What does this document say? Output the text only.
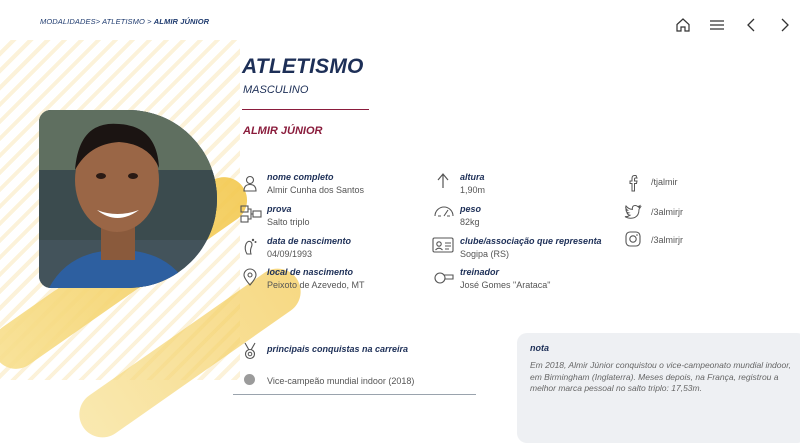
MODALIDADES> ATLETISMO > ALMIR JÚNIOR
ATLETISMO
MASCULINO
ALMIR JÚNIOR
nome completo
Almir Cunha dos Santos
prova
Salto triplo
data de nascimento
04/09/1993
local de nascimento
Peixoto de Azevedo, MT
altura
1,90m
peso
82kg
clube/associação que representa
Sogipa (RS)
treinador
José Gomes "Arataca"
/tjalmir
/3almirjr
/3almirjr
principais conquistas na carreira
Vice-campeão mundial indoor (2018)
nota
Em 2018, Almir Júnior conquistou o vice-campeonato mundial indoor, em Birmingham (Inglaterra). Meses depois, na França, registrou a melhor marca pessoal no salto triplo: 17,53m.
